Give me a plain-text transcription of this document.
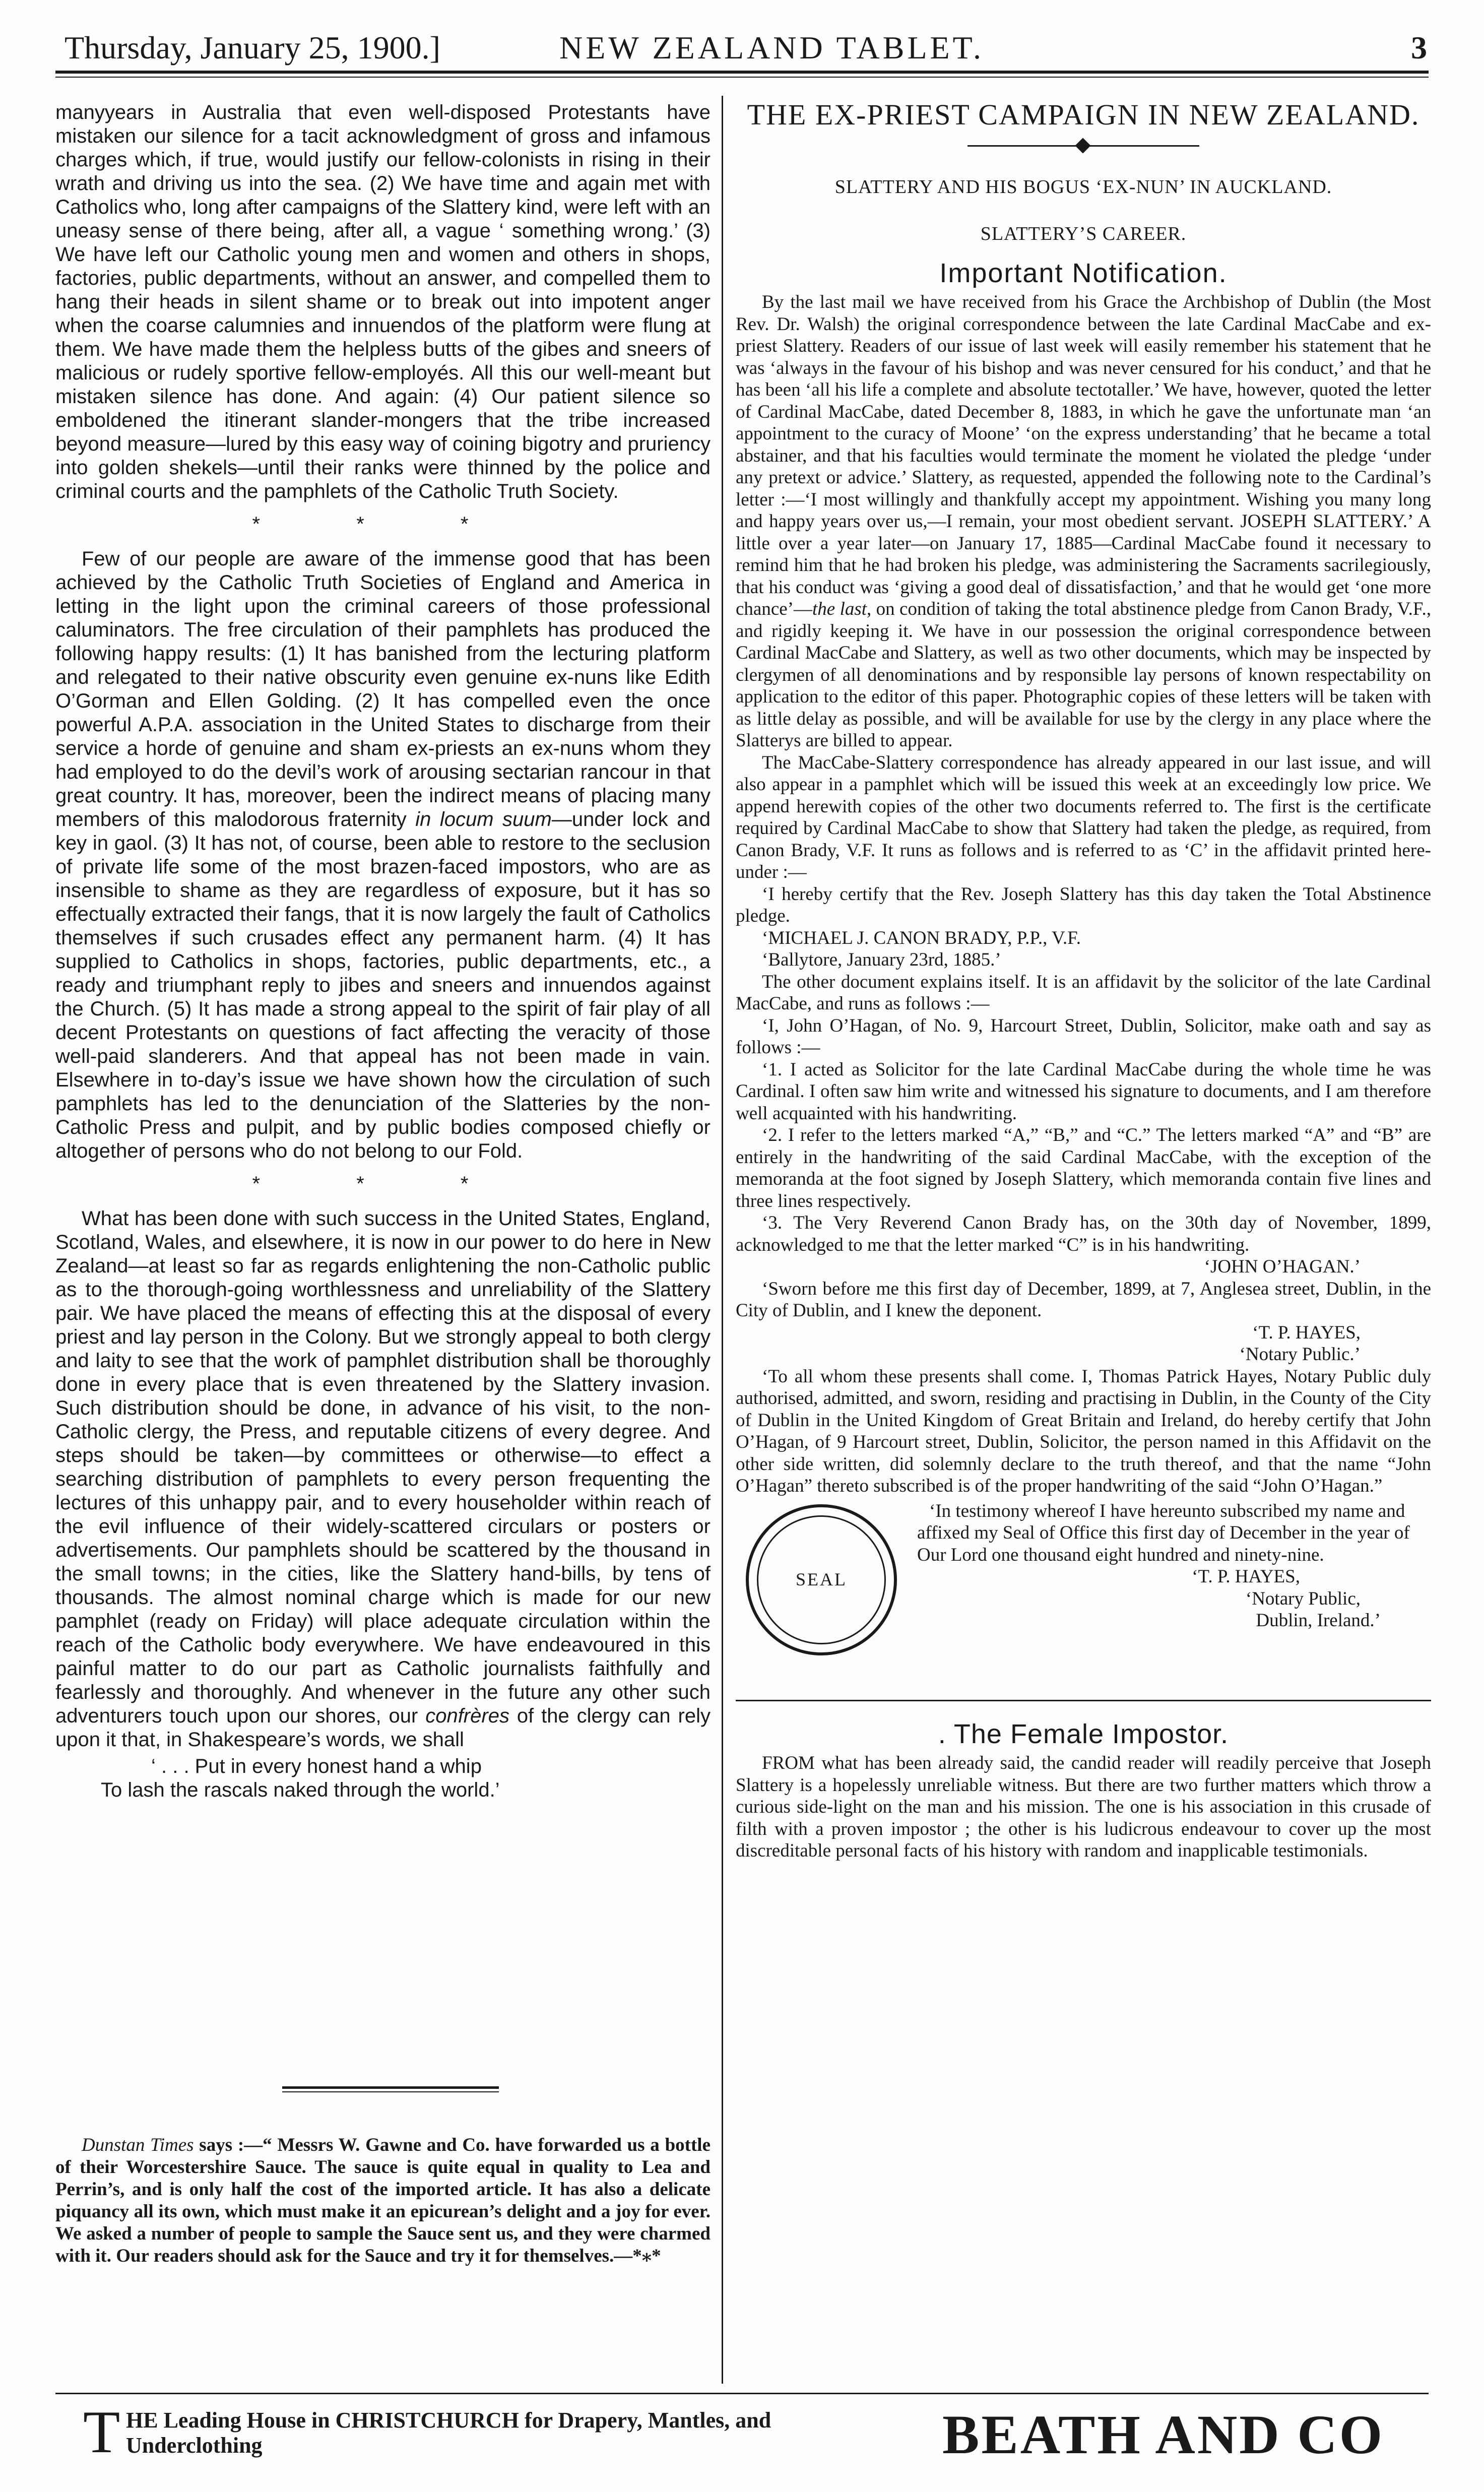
Thursday, January 25, 1900.]	NEW ZEALAND TABLET.	3

manyyears in Australia that even well-disposed Protestants have mistaken our silence for a tacit acknowledgment of gross and infamous charges which, if true, would justify our fellow-colonists in rising in their wrath and driving us into the sea. (2) We have time and again met with Catholics who, long after campaigns of the Slattery kind, were left with an uneasy sense of there being, after all, a vague ‘ something wrong.’ (3) We have left our Catholic young men and women and others in shops, factories, public departments, without an answer, and compelled them to hang their heads in silent shame or to break out into impotent anger when the coarse calumnies and innuendos of the platform were flung at them. We have made them the helpless butts of the gibes and sneers of malicious or rudely sportive fellow-employés. All this our well-meant but mistaken silence has done. And again: (4) Our patient silence so emboldened the itinerant slander-mongers that the tribe increased beyond measure—lured by this easy way of coining bigotry and pruriency into golden shekels—until their ranks were thinned by the police and criminal courts and the pamphlets of the Catholic Truth Society.

* * *

Few of our people are aware of the immense good that has been achieved by the Catholic Truth Societies of England and America in letting in the light upon the criminal careers of those professional caluminators. The free circulation of their pamphlets has produced the following happy results: (1) It has banished from the lecturing platform and relegated to their native obscurity even genuine ex-nuns like Edith O’Gorman and Ellen Golding. (2) It has compelled even the once powerful A.P.A. association in the United States to discharge from their service a horde of genuine and sham ex-priests an ex-nuns whom they had employed to do the devil’s work of arousing sectarian rancour in that great country. It has, moreover, been the indirect means of placing many members of this malodorous fraternity in locum suum—under lock and key in gaol. (3) It has not, of course, been able to restore to the seclusion of private life some of the most brazen-faced impostors, who are as insensible to shame as they are regardless of exposure, but it has so effectually extracted their fangs, that it is now largely the fault of Catholics themselves if such crusades effect any permanent harm. (4) It has supplied to Catholics in shops, factories, public departments, etc., a ready and triumphant reply to jibes and sneers and innuendos against the Church. (5) It has made a strong appeal to the spirit of fair play of all decent Protestants on questions of fact affecting the veracity of those well-paid slanderers. And that appeal has not been made in vain. Elsewhere in to-day’s issue we have shown how the circulation of such pamphlets has led to the denunciation of the Slatteries by the non-Catholic Press and pulpit, and by public bodies composed chiefly or altogether of persons who do not belong to our Fold.

* * *

What has been done with such success in the United States, England, Scotland, Wales, and elsewhere, it is now in our power to do here in New Zealand—at least so far as regards enlightening the non-Catholic public as to the thorough-going worthlessness and unreliability of the Slattery pair. We have placed the means of effecting this at the disposal of every priest and lay person in the Colony. But we strongly appeal to both clergy and laity to see that the work of pamphlet distribution shall be thoroughly done in every place that is even threatened by the Slattery invasion. Such distribution should be done, in advance of his visit, to the non-Catholic clergy, the Press, and reputable citizens of every degree. And steps should be taken—by committees or otherwise—to effect a searching distribution of pamphlets to every person frequenting the lectures of this unhappy pair, and to every householder within reach of the evil influence of their widely-scattered circulars or posters or advertisements. Our pamphlets should be scattered by the thousand in the small towns; in the cities, like the Slattery hand-bills, by tens of thousands. The almost nominal charge which is made for our new pamphlet (ready on Friday) will place adequate circulation within the reach of the Catholic body everywhere. We have endeavoured in this painful matter to do our part as Catholic journalists faithfully and fearlessly and thoroughly. And whenever in the future any other such adventurers touch upon our shores, our confrères of the clergy can rely upon it that, in Shakespeare’s words, we shall

‘ . . . Put in every honest hand a whip
To lash the rascals naked through the world.’

Dunstan Times says :—“ Messrs W. Gawne and Co. have forwarded us a bottle of their Worcestershire Sauce. The sauce is quite equal in quality to Lea and Perrin’s, and is only half the cost of the imported article. It has also a delicate piquancy all its own, which must make it an epicurean’s delight and a joy for ever. We asked a number of people to sample the Sauce sent us, and they were charmed with it. Our readers should ask for the Sauce and try it for themselves.—*⁎*

THE EX-PRIEST CAMPAIGN IN NEW ZEALAND.
SLATTERY AND HIS BOGUS ‘EX-NUN’ IN AUCKLAND.
SLATTERY’S CAREER.
Important Notification.

By the last mail we have received from his Grace the Archbishop of Dublin (the Most Rev. Dr. Walsh) the original correspondence between the late Cardinal MacCabe and ex-priest Slattery. Readers of our issue of last week will easily remember his statement that he was ‘always in the favour of his bishop and was never censured for his conduct,’ and that he has been ‘all his life a complete and absolute tectotaller.’ We have, however, quoted the letter of Cardinal MacCabe, dated December 8, 1883, in which he gave the unfortunate man ‘an appointment to the curacy of Moone’ ‘on the express understanding’ that he became a total abstainer, and that his faculties would terminate the moment he violated the pledge ‘under any pretext or advice.’ Slattery, as requested, appended the following note to the Cardinal’s letter :—‘I most willingly and thankfully accept my appointment. Wishing you many long and happy years over us,—I remain, your most obedient servant. JOSEPH SLATTERY.’ A little over a year later—on January 17, 1885—Cardinal MacCabe found it necessary to remind him that he had broken his pledge, was administering the Sacraments sacrilegiously, that his conduct was ‘giving a good deal of dissatisfaction,’ and that he would get ‘one more chance’—the last, on condition of taking the total abstinence pledge from Canon Brady, V.F., and rigidly keeping it. We have in our possession the original correspondence between Cardinal MacCabe and Slattery, as well as two other documents, which may be inspected by clergymen of all denominations and by responsible lay persons of known respectability on application to the editor of this paper. Photographic copies of these letters will be taken with as little delay as possible, and will be available for use by the clergy in any place where the Slatterys are billed to appear.

The MacCabe-Slattery correspondence has already appeared in our last issue, and will also appear in a pamphlet which will be issued this week at an exceedingly low price. We append herewith copies of the other two documents referred to. The first is the certificate required by Cardinal MacCabe to show that Slattery had taken the pledge, as required, from Canon Brady, V.F. It runs as follows and is referred to as ‘C’ in the affidavit printed here-under :—

‘I hereby certify that the Rev. Joseph Slattery has this day taken the Total Abstinence pledge.

‘MICHAEL J. CANON BRADY, P.P., V.F.

‘Ballytore, January 23rd, 1885.’

The other document explains itself. It is an affidavit by the solicitor of the late Cardinal MacCabe, and runs as follows :—

‘I, John O’Hagan, of No. 9, Harcourt Street, Dublin, Solicitor, make oath and say as follows :—

‘1. I acted as Solicitor for the late Cardinal MacCabe during the whole time he was Cardinal. I often saw him write and witnessed his signature to documents, and I am therefore well acquainted with his handwriting.

‘2. I refer to the letters marked “A,” “B,” and “C.” The letters marked “A” and “B” are entirely in the handwriting of the said Cardinal MacCabe, with the exception of the memoranda at the foot signed by Joseph Slattery, which memoranda contain five lines and three lines respectively.

‘3. The Very Reverend Canon Brady has, on the 30th day of November, 1899, acknowledged to me that the letter marked “C” is in his handwriting.

‘JOHN O’HAGAN.’

‘Sworn before me this first day of December, 1899, at 7, Anglesea street, Dublin, in the City of Dublin, and I knew the deponent.

‘T. P. HAYES,

‘Notary Public.’

‘To all whom these presents shall come. I, Thomas Patrick Hayes, Notary Public duly authorised, admitted, and sworn, residing and practising in Dublin, in the County of the City of Dublin in the United Kingdom of Great Britain and Ireland, do hereby certify that John O’Hagan, of 9 Harcourt street, Dublin, Solicitor, the person named in this Affidavit on the other side written, did solemnly declare to the truth thereof, and that the name “John O’Hagan” thereto subscribed is of the proper handwriting of the said “John O’Hagan.”

SEAL

‘In testimony whereof I have hereunto subscribed my name and affixed my Seal of Office this first day of December in the year of Our Lord one thousand eight hundred and ninety-nine.

‘T. P. HAYES,

‘Notary Public,

Dublin, Ireland.’

. The Female Impostor.

FROM what has been already said, the candid reader will readily perceive that Joseph Slattery is a hopelessly unreliable witness. But there are two further matters which throw a curious side-light on the man and his mission. The one is his association in this crusade of filth with a proven impostor ; the other is his ludicrous endeavour to cover up the most discreditable personal facts of his history with random and inapplicable testimonials.

T HE Leading House in CHRISTCHURCH for Drapery, Mantles, and
Underclothing	BEATH AND CO
